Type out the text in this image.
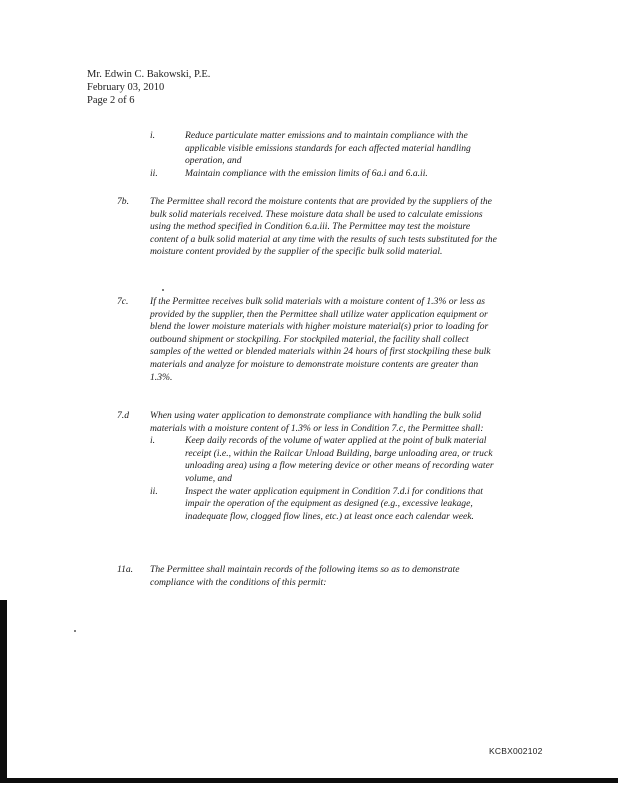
Mr. Edwin C. Bakowski, P.E.
February 03, 2010
Page 2 of 6
i.	Reduce particulate matter emissions and to maintain compliance with the applicable visible emissions standards for each affected material handling operation, and
ii.	Maintain compliance with the emission limits of 6a.i and 6.a.ii.
7b.	The Permittee shall record the moisture contents that are provided by the suppliers of the bulk solid materials received. These moisture data shall be used to calculate emissions using the method specified in Condition 6.a.iii. The Permittee may test the moisture content of a bulk solid material at any time with the results of such tests substituted for the moisture content provided by the supplier of the specific bulk solid material.
7c.	If the Permittee receives bulk solid materials with a moisture content of 1.3% or less as provided by the supplier, then the Permittee shall utilize water application equipment or blend the lower moisture materials with higher moisture material(s) prior to loading for outbound shipment or stockpiling. For stockpiled material, the facility shall collect samples of the wetted or blended materials within 24 hours of first stockpiling these bulk materials and analyze for moisture to demonstrate moisture contents are greater than 1.3%.
7.d	When using water application to demonstrate compliance with handling the bulk solid materials with a moisture content of 1.3% or less in Condition 7.c, the Permittee shall:
i.	Keep daily records of the volume of water applied at the point of bulk material receipt (i.e., within the Railcar Unload Building, barge unloading area, or truck unloading area) using a flow metering device or other means of recording water volume, and
ii.	Inspect the water application equipment in Condition 7.d.i for conditions that impair the operation of the equipment as designed (e.g., excessive leakage, inadequate flow, clogged flow lines, etc.) at least once each calendar week.
11a.	The Permittee shall maintain records of the following items so as to demonstrate compliance with the conditions of this permit:
KCBX002102
